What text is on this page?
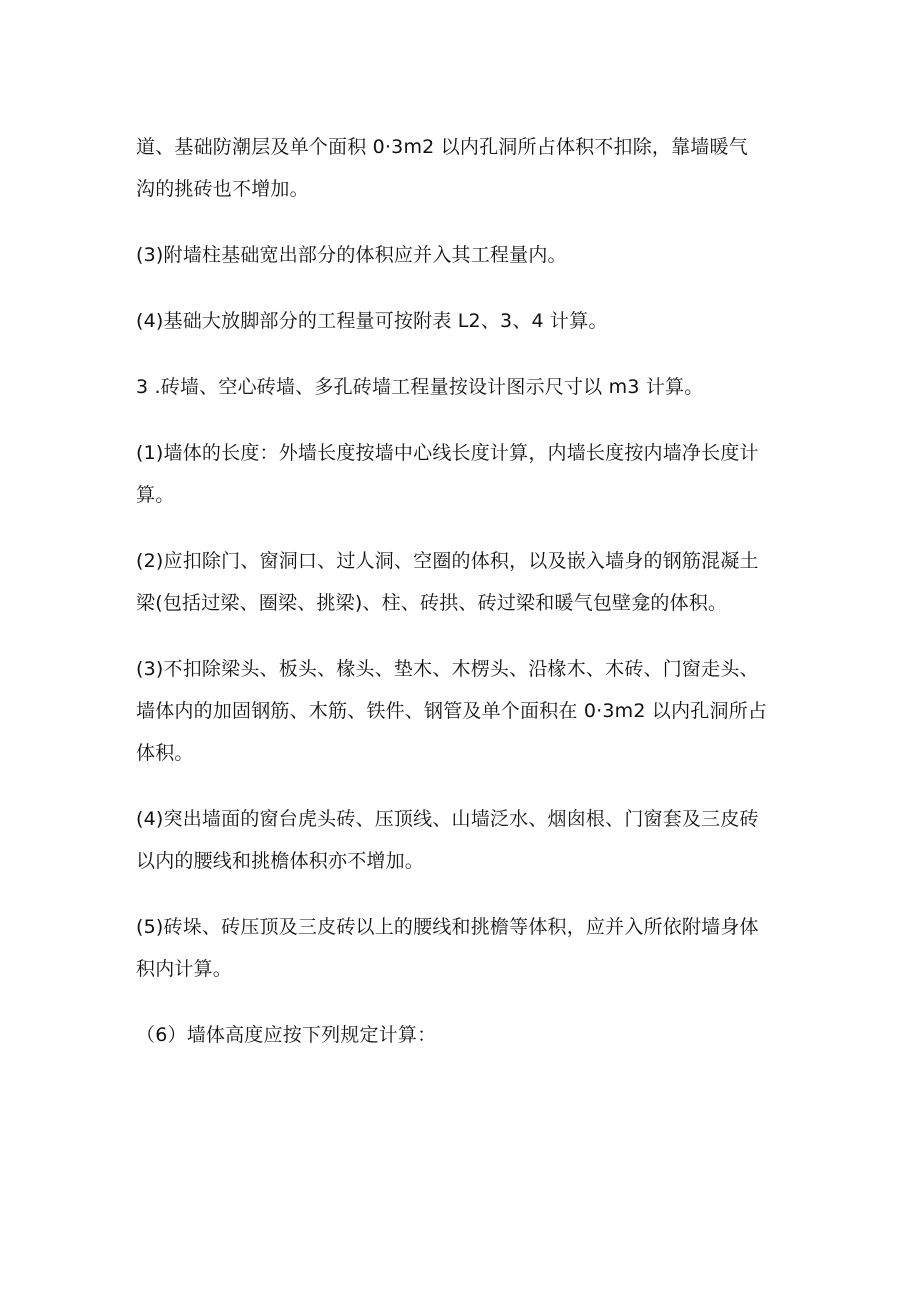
道、基础防潮层及单个面积 0·3m2 以内孔洞所占体积不扣除，靠墙暖气
沟的挑砖也不增加。

(3)附墙柱基础宽出部分的体积应并入其工程量内。

(4)基础大放脚部分的工程量可按附表 L2、3、4 计算。

3 .砖墙、空心砖墙、多孔砖墙工程量按设计图示尺寸以 m3 计算。

(1)墙体的长度：外墙长度按墙中心线长度计算，内墙长度按内墙净长度计
算。

(2)应扣除门、窗洞口、过人洞、空圈的体积，以及嵌入墙身的钢筋混凝土
梁(包括过梁、圈梁、挑梁)、柱、砖拱、砖过梁和暖气包壁龛的体积。

(3)不扣除梁头、板头、椽头、垫木、木楞头、沿椽木、木砖、门窗走头、
墙体内的加固钢筋、木筋、铁件、钢管及单个面积在 0·3m2 以内孔洞所占
体积。

(4)突出墙面的窗台虎头砖、压顶线、山墙泛水、烟囱根、门窗套及三皮砖
以内的腰线和挑檐体积亦不增加。

(5)砖垛、砖压顶及三皮砖以上的腰线和挑檐等体积，应并入所依附墙身体
积内计算。

（6）墙体高度应按下列规定计算：
